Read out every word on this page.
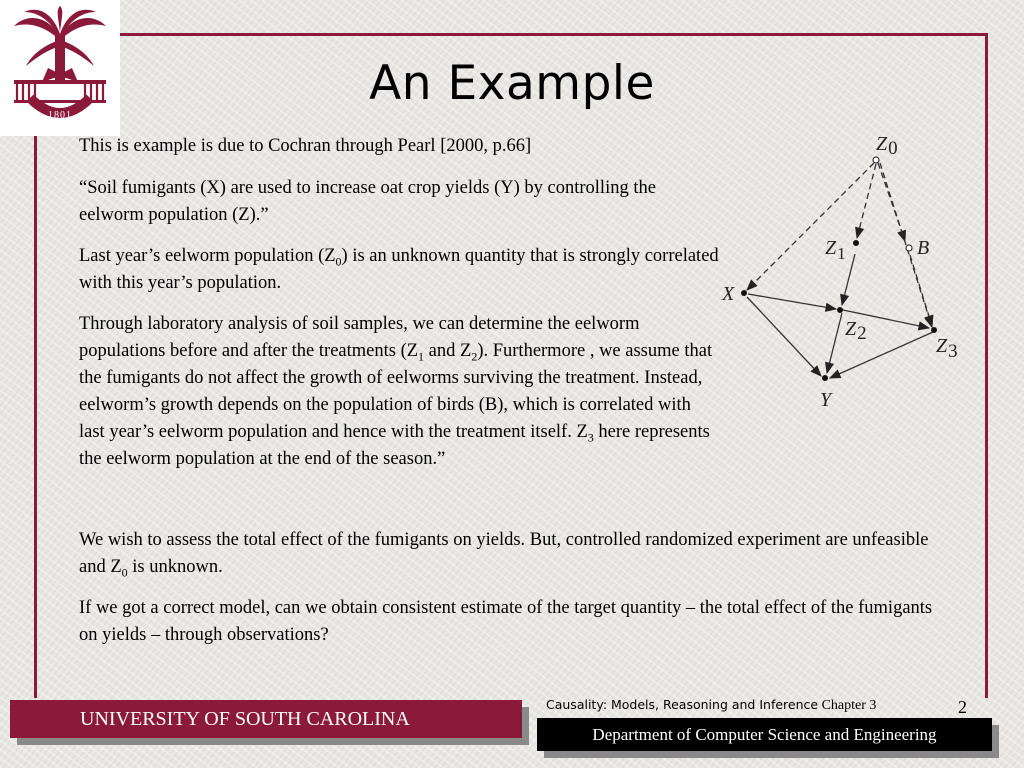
1801
An Example

This is example is due to Cochran through Pearl [2000, p.66]

“Soil fumigants (X) are used to increase oat crop yields (Y) by controlling the eelworm population (Z).”

Last year’s eelworm population $(Z_0)$ is an unknown quantity that is strongly correlated with this year’s population.

Through laboratory analysis of soil samples, we can determine the eelworm populations before and after the treatments ($Z_1$ and $Z_2$). Furthermore , we assume that the fumigants do not affect the growth of eelworms surviving the treatment. Instead, eelworm’s growth depends on the population of birds (B), which is correlated with last year’s eelworm population and hence with the treatment itself. $Z_3$ here represents the eelworm population at the end of the season.”

We wish to assess the total effect of the fumigants on yields. But, controlled randomized experiment are unfeasible and $Z_0$ is unknown.

If we got a correct model, can we obtain consistent estimate of the target quantity – the total effect of the fumigants on yields – through observations?

Z0
$Z_1$	B
X
Z2
Z3
Y
UNIVERSITY OF SOUTH CAROLINA
Causality: Models, Reasoning and Inference Chapter 3	2
Department of Computer Science and Engineering
